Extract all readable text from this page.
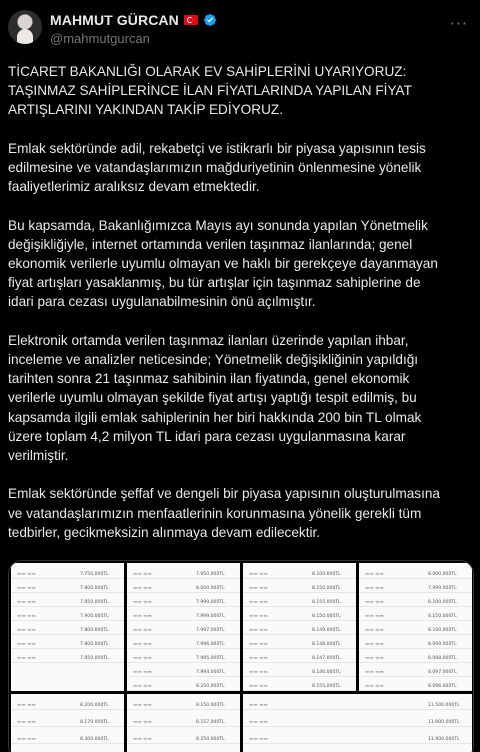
MAHMUT GÜRCAN
@mahmutgurcan
···

TİCARET BAKANLIĞI OLARAK EV SAHİPLERİNİ UYARIYORUZ:
TAŞINMAZ SAHİPLERİNCE İLAN FİYATLARINDA YAPILAN FİYAT
ARTIŞLARINI YAKINDAN TAKİP EDİYORUZ.

Emlak sektöründe adil, rekabetçi ve istikrarlı bir piyasa yapısının tesis
edilmesine ve vatandaşlarımızın mağduriyetinin önlenmesine yönelik
faaliyetlerimiz aralıksız devam etmektedir.

Bu kapsamda, Bakanlığımızca Mayıs ayı sonunda yapılan Yönetmelik
değişikliğiyle, internet ortamında verilen taşınmaz ilanlarında; genel
ekonomik verilerle uyumlu olmayan ve haklı bir gerekçeye dayanmayan
fiyat artışları yasaklanmış, bu tür artışlar için taşınmaz sahiplerine de
idari para cezası uygulanabilmesinin önü açılmıştır.

Elektronik ortamda verilen taşınmaz ilanları üzerinde yapılan ihbar,
inceleme ve analizler neticesinde; Yönetmelik değişikliğinin yapıldığı
tarihten sonra 21 taşınmaz sahibinin ilan fiyatında, genel ekonomik
verilerle uyumlu olmayan şekilde fiyat artışı yaptığı tespit edilmiş, bu
kapsamda ilgili emlak sahiplerinin her biri hakkında 200 bin TL olmak
üzere toplam 4,2 milyon TL idari para cezası uygulanmasına karar
verilmiştir.

Emlak sektöründe şeffaf ve dengeli bir piyasa yapısının oluşturulmasına
ve vatandaşlarımızın menfaatlerinin korunmasına yönelik gerekli tüm
tedbirler, gecikmeksizin alınmaya devam edilecektir.

▬▬ ▬▬	7.750.000TL
▬▬ ▬▬	7.800.000TL
▬▬ ▬▬	7.850.000TL
▬▬ ▬▬	7.900.000TL
▬▬ ▬▬	7.800.000TL
▬▬ ▬▬	7.800.000TL
▬▬ ▬▬	7.850.000TL
▬▬ ▬▬	7.950.000TL
▬▬ ▬▬	8.000.000TL
▬▬ ▬▬	7.999.000TL
▬▬ ▬▬	7.999.000TL
▬▬ ▬▬	7.997.000TL
▬▬ ▬▬	7.996.000TL
▬▬ ▬▬	7.995.000TL
▬▬ ▬▬	7.994.000TL
▬▬ ▬▬	8.250.000TL
▬▬ ▬▬	8.100.000TL
▬▬ ▬▬	8.150.000TL
▬▬ ▬▬	8.155.000TL
▬▬ ▬▬	8.150.000TL
▬▬ ▬▬	8.149.000TL
▬▬ ▬▬	8.148.000TL
▬▬ ▬▬	8.147.000TL
▬▬ ▬▬	8.146.000TL
▬▬ ▬▬	8.155.000TL
▬▬ ▬▬	8.000.000TL
▬▬ ▬▬	7.999.000TL
▬▬ ▬▬	8.100.000TL
▬▬ ▬▬	8.150.000TL
▬▬ ▬▬	8.100.000TL
▬▬ ▬▬	8.099.000TL
▬▬ ▬▬	8.098.000TL
▬▬ ▬▬	8.097.000TL
▬▬ ▬▬	8.096.000TL
▬▬ ▬▬	8.200.000TL
▬▬ ▬▬	8.170.000TL
▬▬ ▬▬	8.300.000TL
▬▬ ▬▬	8.150.000TL
▬▬ ▬▬	8.157.000TL
▬▬ ▬▬	8.250.000TL
▬▬ ▬▬	11.500.000TL
▬▬ ▬▬	11.900.000TL
▬▬ ▬▬	11.900.000TL
